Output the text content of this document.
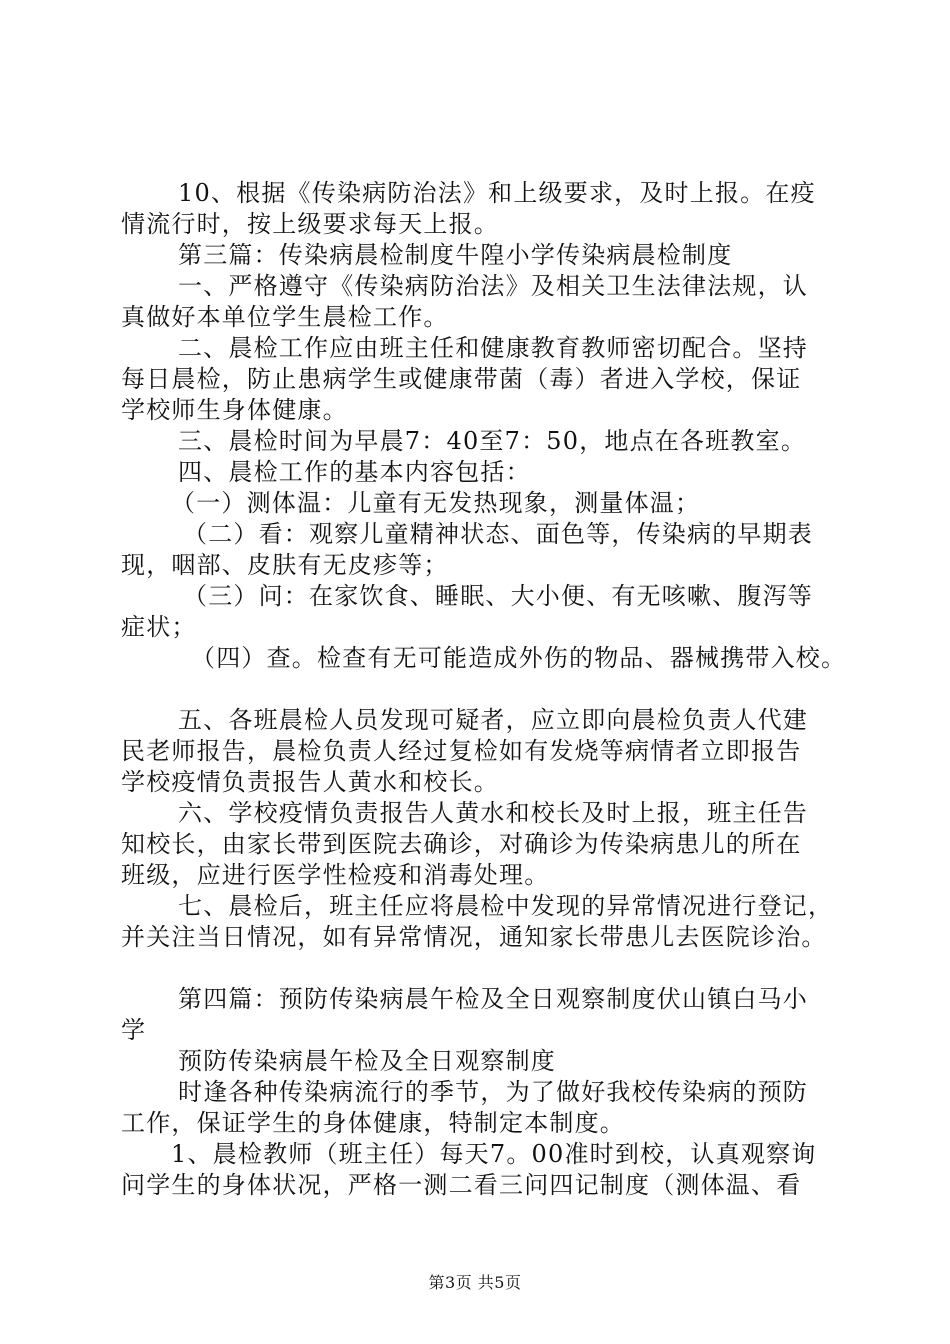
10、根据《传染病防治法》和上级要求，及时上报。在疫
情流行时，按上级要求每天上报。
第三篇：传染病晨检制度牛隍小学传染病晨检制度
一、严格遵守《传染病防治法》及相关卫生法律法规，认
真做好本单位学生晨检工作。
二、晨检工作应由班主任和健康教育教师密切配合。坚持
每日晨检，防止患病学生或健康带菌（毒）者进入学校，保证
学校师生身体健康。
三、晨检时间为早晨7：40至7：50，地点在各班教室。
四、晨检工作的基本内容包括：
（一）测体温：儿童有无发热现象，测量体温；
（二）看：观察儿童精神状态、面色等，传染病的早期表
现，咽部、皮肤有无皮疹等；
（三）问：在家饮食、睡眠、大小便、有无咳嗽、腹泻等
症状；
（四）查。检查有无可能造成外伤的物品、器械携带入校。
五、各班晨检人员发现可疑者，应立即向晨检负责人代建
民老师报告，晨检负责人经过复检如有发烧等病情者立即报告
学校疫情负责报告人黄水和校长。
六、学校疫情负责报告人黄水和校长及时上报，班主任告
知校长，由家长带到医院去确诊，对确诊为传染病患儿的所在
班级，应进行医学性检疫和消毒处理。
七、晨检后，班主任应将晨检中发现的异常情况进行登记，
并关注当日情况，如有异常情况，通知家长带患儿去医院诊治。
第四篇：预防传染病晨午检及全日观察制度伏山镇白马小
学
预防传染病晨午检及全日观察制度
时逢各种传染病流行的季节，为了做好我校传染病的预防
工作，保证学生的身体健康，特制定本制度。
1、晨检教师（班主任）每天7。00准时到校，认真观察询
问学生的身体状况，严格一测二看三问四记制度（测体温、看
第3页 共5页
